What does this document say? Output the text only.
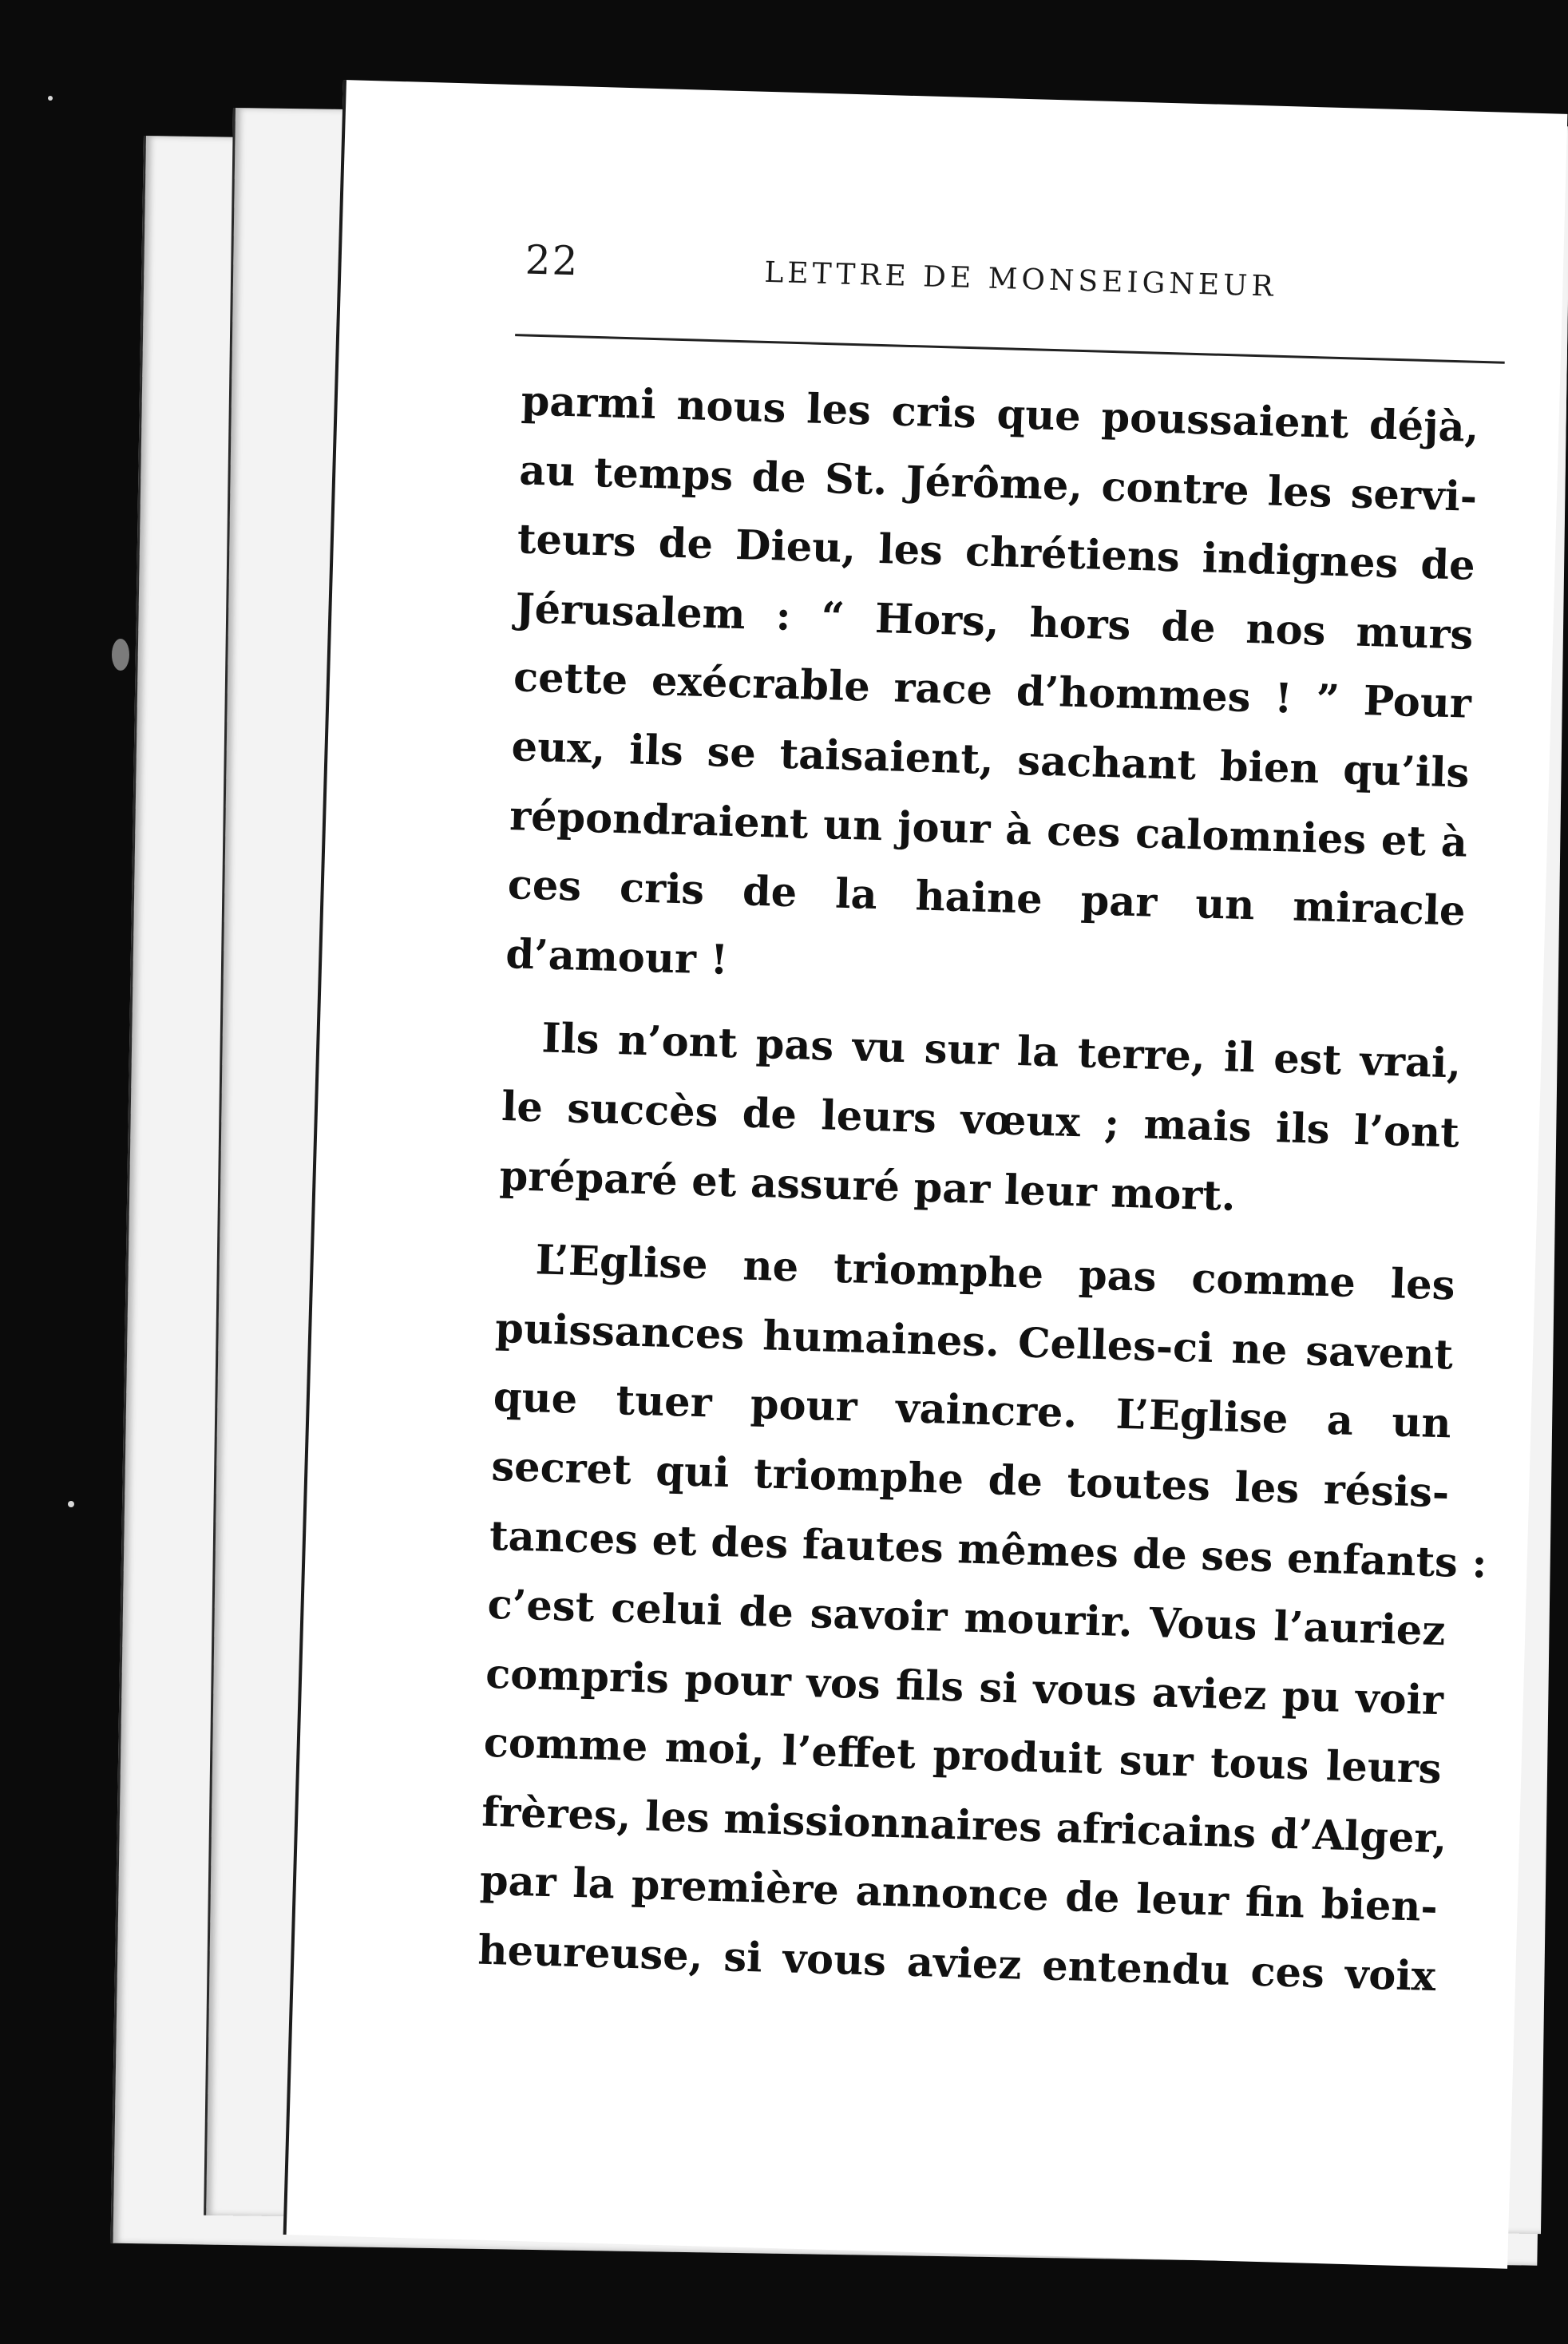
22	LETTRE DE MONSEIGNEUR
parmi nous les cris que poussaient déjà,
au temps de St. Jérôme, contre les servi-
teurs de Dieu, les chrétiens indignes de
Jérusalem : “ Hors, hors de nos murs
cette exécrable race d’hommes ! ” Pour
eux, ils se taisaient, sachant bien qu’ils
répondraient un jour à ces calomnies et à
ces cris de la haine par un miracle
d’amour !
Ils n’ont pas vu sur la terre, il est vrai,
le succès de leurs vœux ; mais ils l’ont
préparé et assuré par leur mort.
L’Eglise ne triomphe pas comme les
puissances humaines. Celles-ci ne savent
que tuer pour vaincre. L’Eglise a un
secret qui triomphe de toutes les résis-
tances et des fautes mêmes de ses enfants :
c’est celui de savoir mourir. Vous l’auriez
compris pour vos fils si vous aviez pu voir
comme moi, l’effet produit sur tous leurs
frères, les missionnaires africains d’Alger,
par la première annonce de leur fin bien-
heureuse, si vous aviez entendu ces voix
